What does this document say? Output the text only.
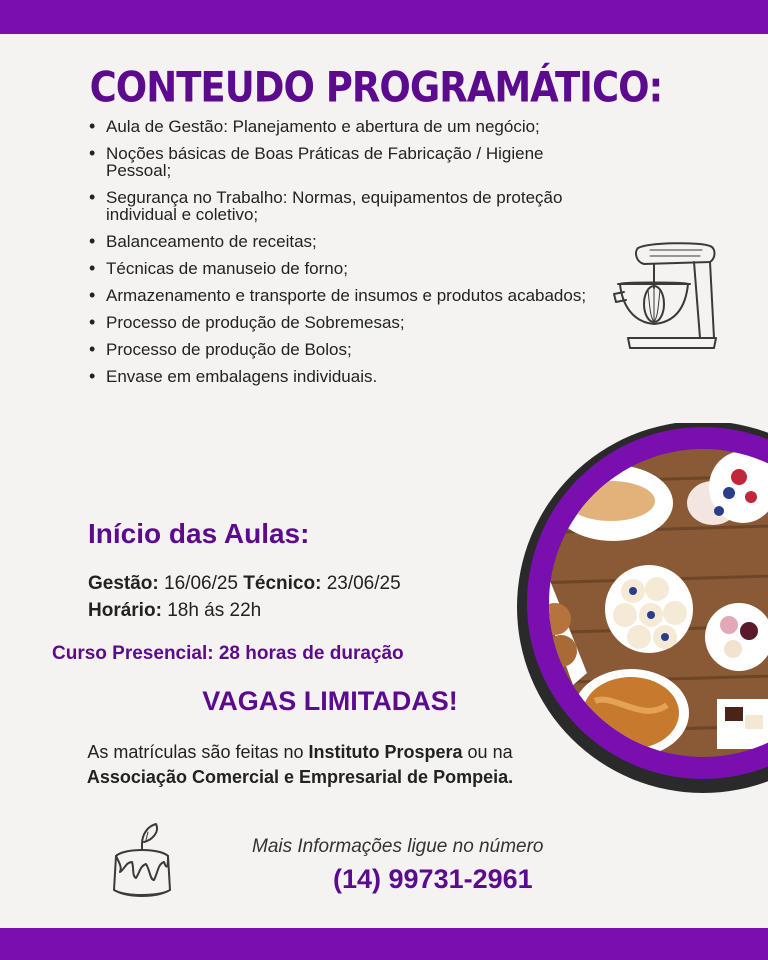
CONTEUDO PROGRAMÁTICO:
• Aula de Gestão: Planejamento e abertura de um negócio;
• Noções básicas de Boas Práticas de Fabricação / Higiene Pessoal;
• Segurança no Trabalho: Normas, equipamentos de proteção individual e coletivo;
• Balanceamento de receitas;
• Técnicas de manuseio de forno;
• Armazenamento e transporte de insumos e produtos acabados;
• Processo de produção de Sobremesas;
• Processo de produção de Bolos;
• Envase em embalagens individuais.
Início das Aulas:
Gestão: 16/06/25 Técnico: 23/06/25
Horário: 18h ás 22h
Curso Presencial: 28 horas de duração
VAGAS LIMITADAS!
As matrículas são feitas no Instituto Prospera ou na Associação Comercial e Empresarial de Pompeia.
Mais Informações ligue no número
(14) 99731-2961
